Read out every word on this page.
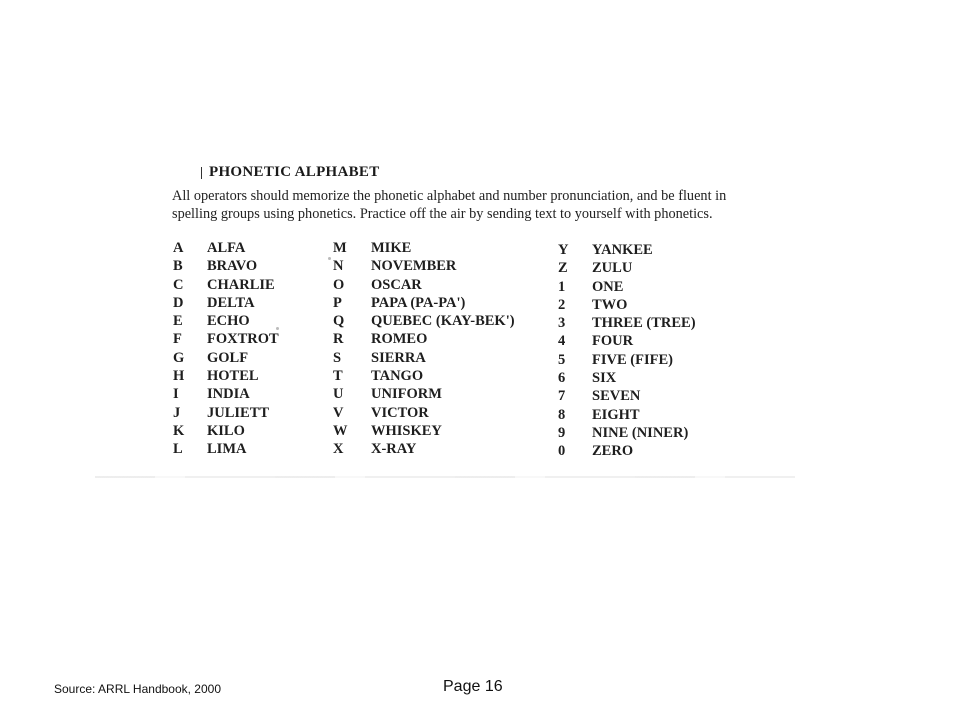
PHONETIC ALPHABET
All operators should memorize the phonetic alphabet and number pronunciation, and be fluent in
spelling groups using phonetics. Practice off the air by sending text to yourself with phonetics.
A ALFA
B BRAVO
C CHARLIE
D DELTA
E ECHO
F FOXTROT
G GOLF
H HOTEL
I INDIA
J JULIETT
K KILO
L LIMA
M MIKE
N NOVEMBER
O OSCAR
P PAPA (PA-PA')
Q QUEBEC (KAY-BEK')
R ROMEO
S SIERRA
T TANGO
U UNIFORM
V VICTOR
W WHISKEY
X X-RAY
Y YANKEE
Z ZULU
1 ONE
2 TWO
3 THREE (TREE)
4 FOUR
5 FIVE (FIFE)
6 SIX
7 SEVEN
8 EIGHT
9 NINE (NINER)
0 ZERO
Source: ARRL Handbook, 2000	Page 16
